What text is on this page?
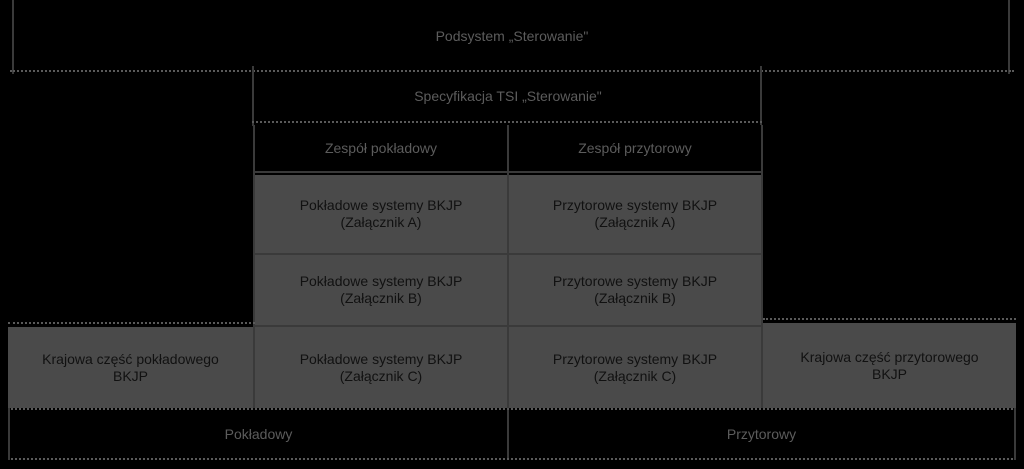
Podsystem „Sterowanie"
Specyfikacja TSI „Sterowanie"
Zespół pokładowy	Zespół przytorowy
Pokładowe systemy BKJP
(Załącznik A)
Przytorowe systemy BKJP
(Załącznik A)
Pokładowe systemy BKJP
(Załącznik B)
Przytorowe systemy BKJP
(Załącznik B)
Krajowa część pokładowego
BKJP
Pokładowe systemy BKJP
(Załącznik C)
Przytorowe systemy BKJP
(Załącznik C)
Krajowa część przytorowego
BKJP
Pokładowy	Przytorowy
